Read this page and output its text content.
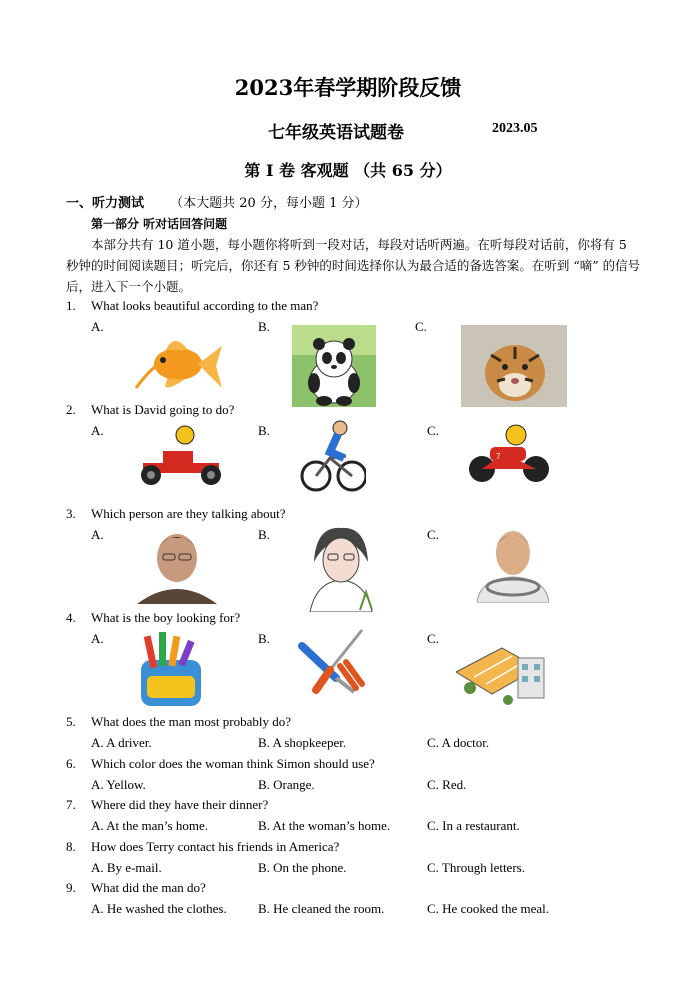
2023年春学期阶段反馈
七年级英语试题卷	2023.05
第 I 卷 客观题 （共 65 分）
一、听力测试 （本大题共 20 分，每小题 1 分）
第一部分 听对话回答问题
本部分共有 10 道小题，每小题你将听到一段对话，每段对话听两遍。在听每段对话前，你将有 5 秒钟的时间阅读题目；听完后，你还有 5 秒钟的时间选择你认为最合适的备选答案。在听到 “嘀” 的信号后，进入下一个小题。
1. What looks beautiful according to the man?
A.	B.	C.
2. What is David going to do?
A.	B.	C.
7
3. Which person are they talking about?
A.	B.	C.
4. What is the boy looking for?
A.	B.	C.
5. What does the man most probably do?
A. A driver.	B. A shopkeeper.	C. A doctor.
6. Which color does the woman think Simon should use?
A. Yellow.	B. Orange.	C. Red.
7. Where did they have their dinner?
A. At the man’s home.	B. At the woman’s home.	C. In a restaurant.
8. How does Terry contact his friends in America?
A. By e-mail.	B. On the phone.	C. Through letters.
9. What did the man do?
A. He washed the clothes. B. He cleaned the room.	C. He cooked the meal.
